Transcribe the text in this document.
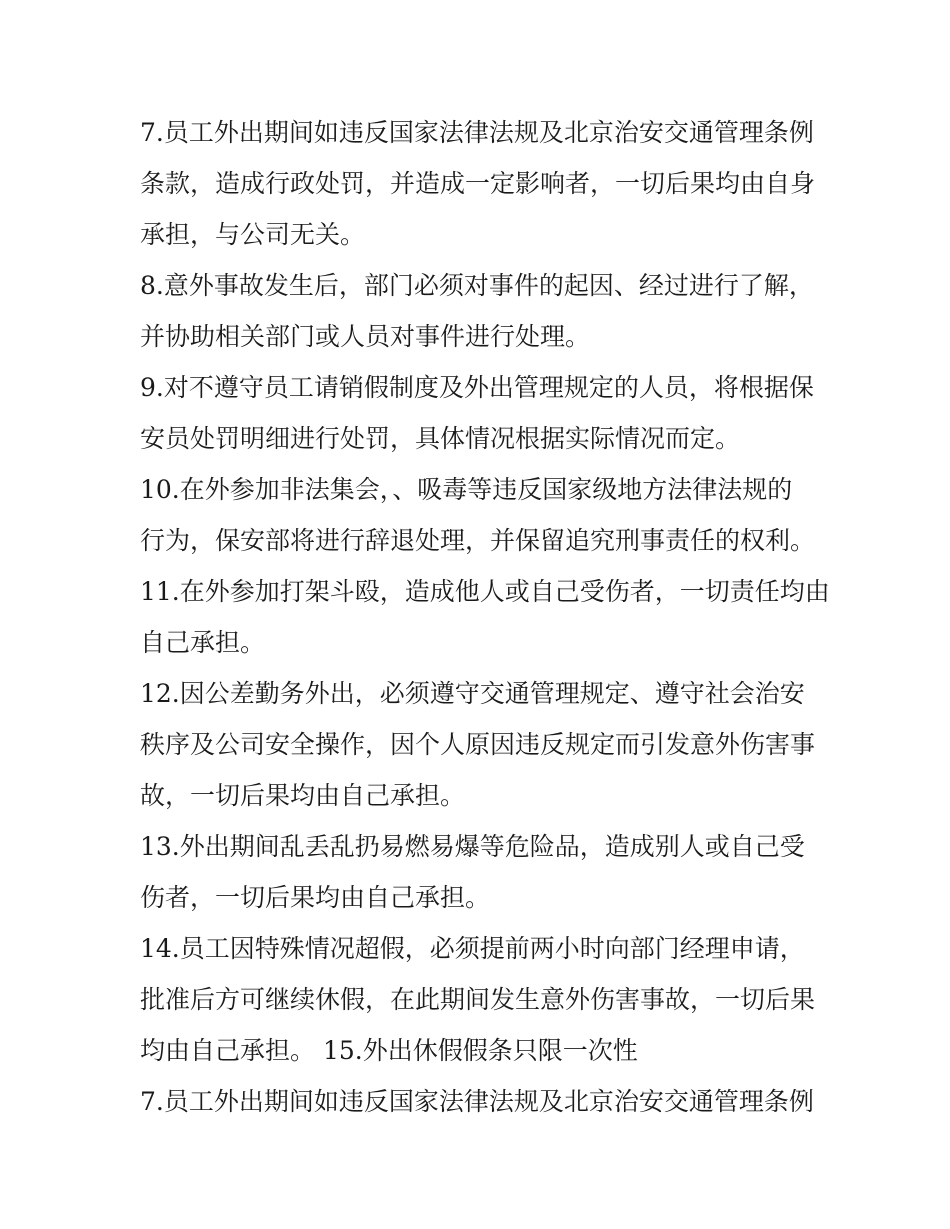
7.员工外出期间如违反国家法律法规及北京治安交通管理条例
条款，造成行政处罚，并造成一定影响者，一切后果均由自身
承担，与公司无关。
8.意外事故发生后，部门必须对事件的起因、经过进行了解，
并协助相关部门或人员对事件进行处理。
9.对不遵守员工请销假制度及外出管理规定的人员，将根据保
安员处罚明细进行处罚，具体情况根据实际情况而定。
10.在外参加非法集会，、吸毒等违反国家级地方法律法规的
行为，保安部将进行辞退处理，并保留追究刑事责任的权利。
11.在外参加打架斗殴，造成他人或自己受伤者，一切责任均由
自己承担。
12.因公差勤务外出，必须遵守交通管理规定、遵守社会治安
秩序及公司安全操作，因个人原因违反规定而引发意外伤害事
故，一切后果均由自己承担。
13.外出期间乱丢乱扔易燃易爆等危险品，造成别人或自己受
伤者，一切后果均由自己承担。
14.员工因特殊情况超假，必须提前两小时向部门经理申请，
批准后方可继续休假，在此期间发生意外伤害事故，一切后果
均由自己承担。 15.外出休假假条只限一次性
7.员工外出期间如违反国家法律法规及北京治安交通管理条例
